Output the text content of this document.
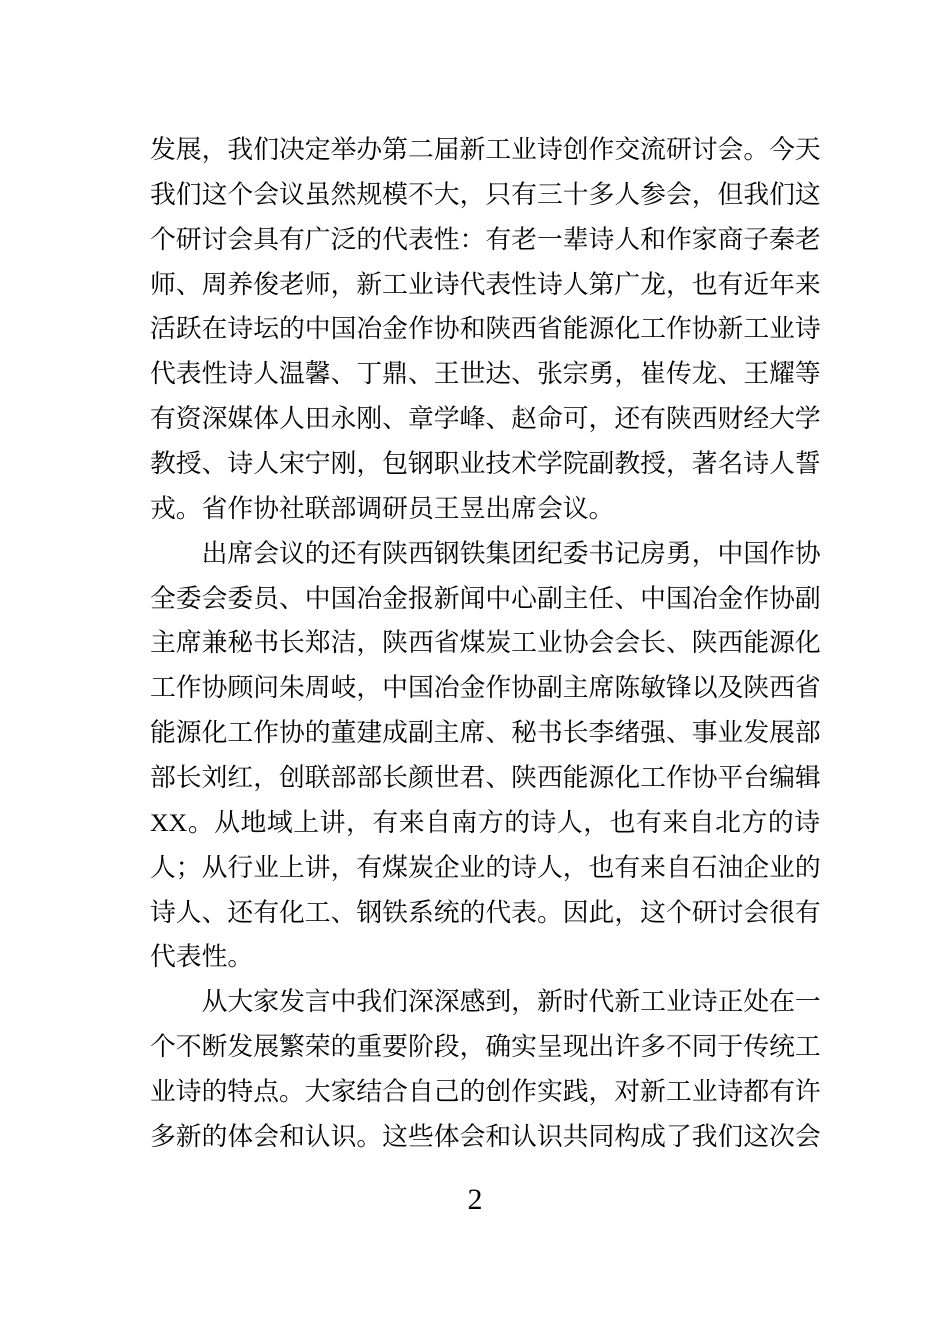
发展，我们决定举办第二届新工业诗创作交流研讨会。今天
我们这个会议虽然规模不大，只有三十多人参会，但我们这
个研讨会具有广泛的代表性：有老一辈诗人和作家商子秦老
师、周养俊老师，新工业诗代表性诗人第广龙，也有近年来
活跃在诗坛的中国冶金作协和陕西省能源化工作协新工业诗
代表性诗人温馨、丁鼎、王世达、张宗勇，崔传龙、王耀等
有资深媒体人田永刚、章学峰、赵命可，还有陕西财经大学
教授、诗人宋宁刚，包钢职业技术学院副教授，著名诗人誓
戎。省作协社联部调研员王昱出席会议。
出席会议的还有陕西钢铁集团纪委书记房勇，中国作协
全委会委员、中国冶金报新闻中心副主任、中国冶金作协副
主席兼秘书长郑洁，陕西省煤炭工业协会会长、陕西能源化
工作协顾问朱周岐，中国冶金作协副主席陈敏锋以及陕西省
能源化工作协的董建成副主席、秘书长李绪强、事业发展部
部长刘红，创联部部长颜世君、陕西能源化工作协平台编辑
XX。从地域上讲，有来自南方的诗人，也有来自北方的诗
人；从行业上讲，有煤炭企业的诗人，也有来自石油企业的
诗人、还有化工、钢铁系统的代表。因此，这个研讨会很有
代表性。
从大家发言中我们深深感到，新时代新工业诗正处在一
个不断发展繁荣的重要阶段，确实呈现出许多不同于传统工
业诗的特点。大家结合自己的创作实践，对新工业诗都有许
多新的体会和认识。这些体会和认识共同构成了我们这次会
2
